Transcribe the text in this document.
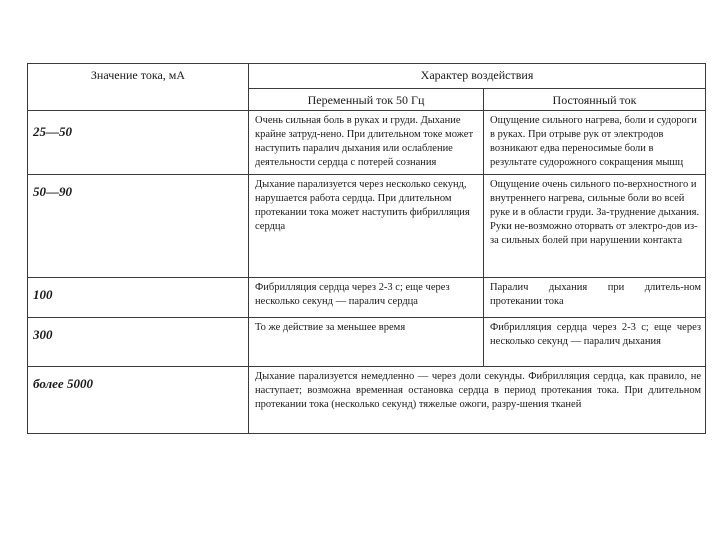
Значение тока, мА	Характер воздействия	
	Переменный ток 50 Гц	Постоянный ток
25—50	Очень сильная боль в руках и груди. Дыхание крайне затруд-нено. При длительном токе может наступить паралич дыхания или ослабление деятельности сердца с потерей сознания	Ощущение сильного нагрева, боли и судороги в руках. При отрыве рук от электродов возникают едва переносимые боли в результате судорожного сокращения мышц
50—90	Дыхание парализуется через несколько секунд, нарушается работа сердца. При длительном протекании тока может наступить фибрилляция сердца	Ощущение очень сильного по-верхностного и внутреннего нагрева, сильные боли во всей руке и в области груди. За-труднение дыхания. Руки не-возможно оторвать от электро-дов из-за сильных болей при нарушении контакта
100	Фибрилляция сердца через 2-3 с; еще через несколько секунд — паралич сердца	Паралич дыхания при длитель-ном протекании тока
300	То же действие за меньшее время	Фибрилляция сердца через 2-3 с; еще через несколько секунд — паралич дыхания
более 5000	Дыхание парализуется немедленно — через доли секунды. Фибрилляция сердца, как правило, не наступает; возможна временная остановка сердца в период протекания тока. При длительном протекании тока (несколько секунд) тяжелые ожоги, разру-шения тканей	
